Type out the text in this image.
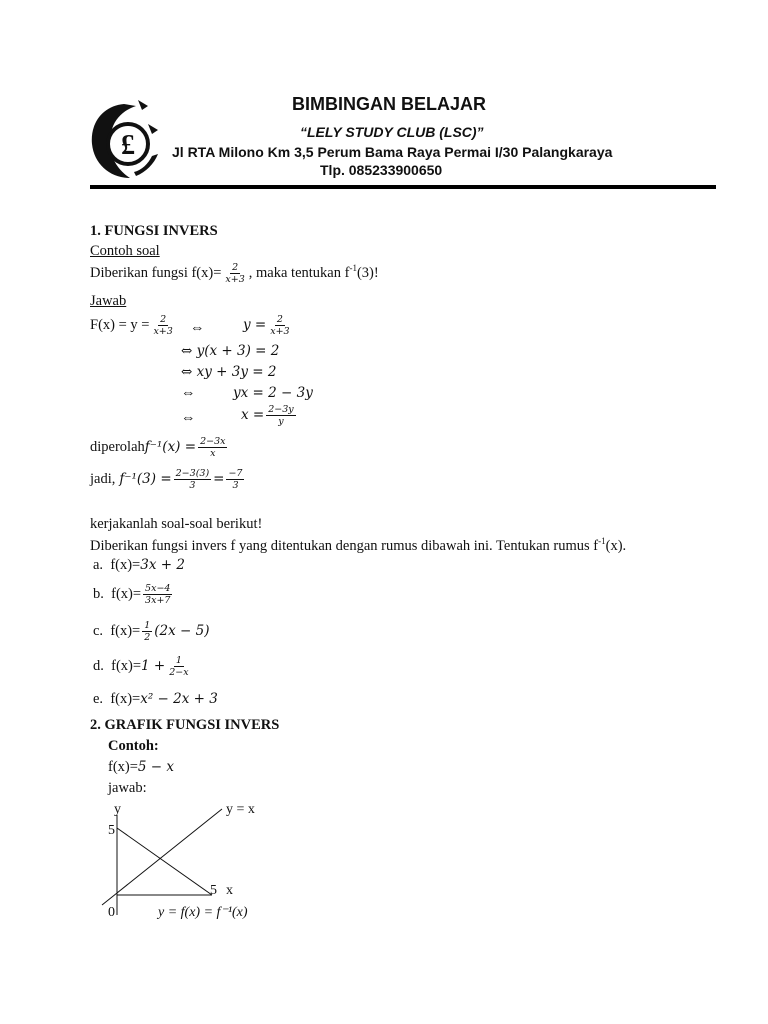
£
BIMBINGAN BELAJAR
“LELY STUDY CLUB (LSC)”
Jl RTA Milono Km 3,5 Perum Bama Raya Permai I/30 Palangkaraya
Tlp. 085233900650
1. FUNGSI INVERS
Contoh soal
Diberikan fungsi $f(x)= \frac{2}{x+3}$ , maka tentukan $f^{-1}(3)$!
Jawab
$F(x) = y = \frac{2}{x+3}$ ⇔	$y = \frac{2}{x+3}$
⇔ y(x + 3) = 2
⇔ xy + 3y = 2
⇔	yx = 2 − 3y
⇔	$x = \frac{2-3y}{y}$
diperolahf⁻¹(x) = $\frac{2-3x}{x}$
jadi, $f^{-1}(3) = \frac{2-3(3)}{3} = \frac{-7}{3}$
kerjakanlah soal-soal berikut!
Diberikan fungsi invers f yang ditentukan dengan rumus dibawah ini. Tentukan rumus $f^{-1}(x)$.
a. f(x)=3x + 2
b. $f(x)= \frac{5x-4}{3x+7}$
c. $f(x)= \frac{1}{2} (2x - 5)$
d. $f(x)=1 + \frac{1}{2-x}$
e. f(x)=x² − 2x + 3
2. GRAFIK FUNGSI INVERS
Contoh:
f(x)=5 − x
jawab:
y	y = x
5
5 x
0	y = f(x) = f⁻¹(x)
